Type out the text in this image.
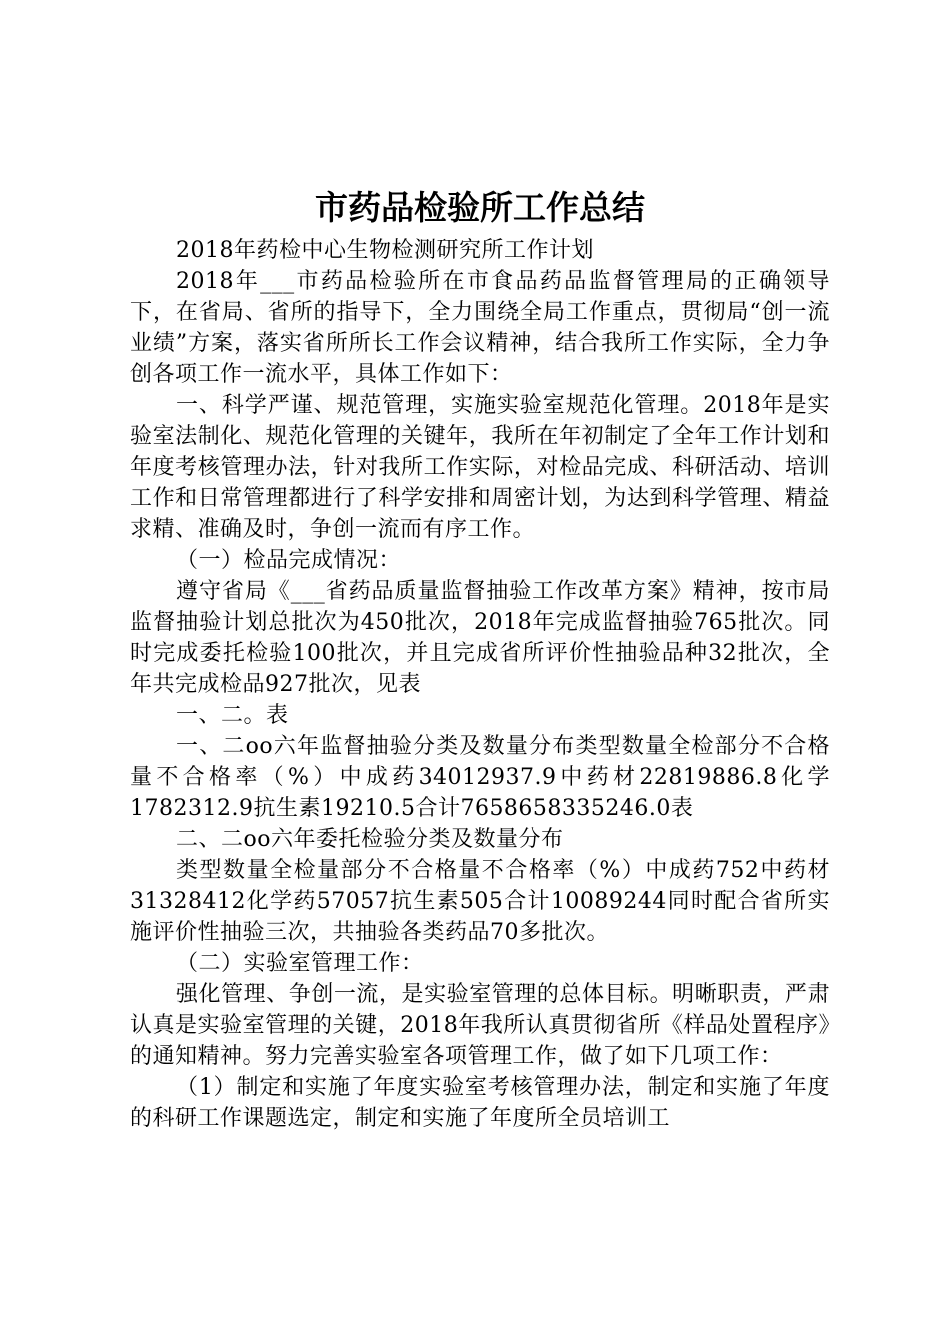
市药品检验所工作总结

2018年药检中心生物检测研究所工作计划

2018年___市药品检验所在市食品药品监督管理局的正确领导下，在省局、省所的指导下，全力围绕全局工作重点，贯彻局“创一流业绩”方案，落实省所所长工作会议精神，结合我所工作实际，全力争创各项工作一流水平，具体工作如下：

一、科学严谨、规范管理，实施实验室规范化管理。2018年是实验室法制化、规范化管理的关键年，我所在年初制定了全年工作计划和年度考核管理办法，针对我所工作实际，对检品完成、科研活动、培训工作和日常管理都进行了科学安排和周密计划，为达到科学管理、精益求精、准确及时，争创一流而有序工作。

（一）检品完成情况：

遵守省局《___省药品质量监督抽验工作改革方案》精神，按市局监督抽验计划总批次为450批次，2018年完成监督抽验765批次。同时完成委托检验100批次，并且完成省所评价性抽验品种32批次，全年共完成检品927批次，见表

一、二。表

一、二oo六年监督抽验分类及数量分布类型数量全检部分不合格量不合格率（%）中成药34012937.9中药材22819886.8化学1782312.9抗生素19210.5合计7658658335246.0表

二、二oo六年委托检验分类及数量分布

类型数量全检量部分不合格量不合格率（%）中成药752中药材31328412化学药57057抗生素505合计10089244同时配合省所实施评价性抽验三次，共抽验各类药品70多批次。

（二）实验室管理工作：

强化管理、争创一流，是实验室管理的总体目标。明晰职责，严肃认真是实验室管理的关键，2018年我所认真贯彻省所《样品处置程序》的通知精神。努力完善实验室各项管理工作，做了如下几项工作：

（1）制定和实施了年度实验室考核管理办法，制定和实施了年度的科研工作课题选定，制定和实施了年度所全员培训工
